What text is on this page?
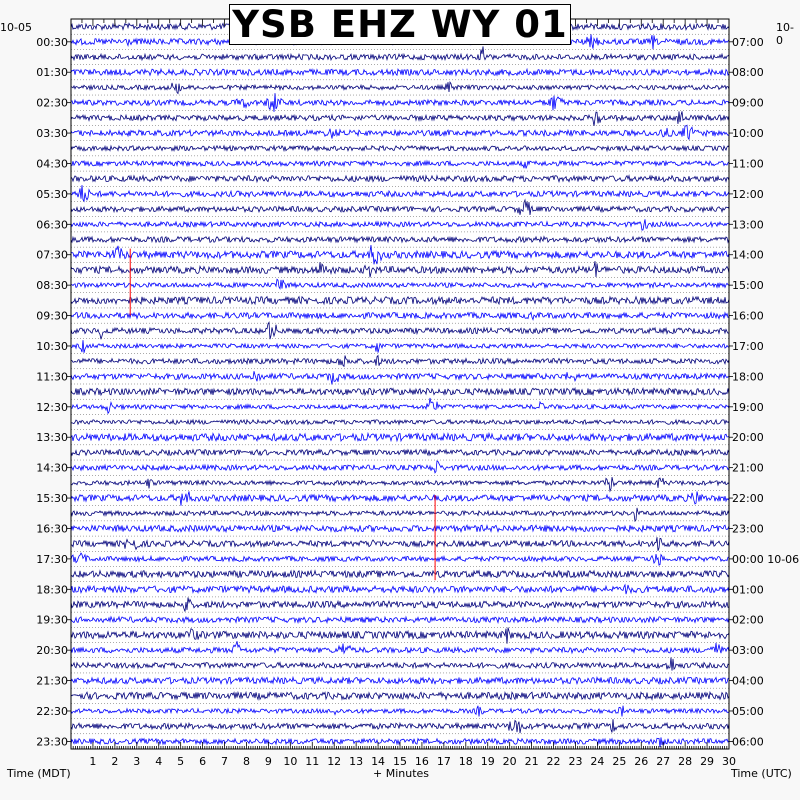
1 2 3 4 5 6 7 8 9 10 11 12 13 14 15 16 17 18 19 20 21 22 23 24 25 26 27 28 29 30
00:30
01:30
02:30
03:30
04:30
05:30
06:30
07:30
08:30
09:30
10:30
11:30
12:30
13:30
14:30
15:30
16:30
17:30
18:30
19:30
20:30
21:30
22:30
23:30
07:00
08:00
09:00
10:00
11:00
12:00
13:00
14:00
15:00
16:00
17:00
18:00
19:00
20:00
21:00
22:00
23:00
00:00 10-06
01:00
02:00
03:00
04:00
05:00
06:00
YSB EHZ WY 01
10-05	10-0
Time (MDT)	+ Minutes	Time (UTC)
